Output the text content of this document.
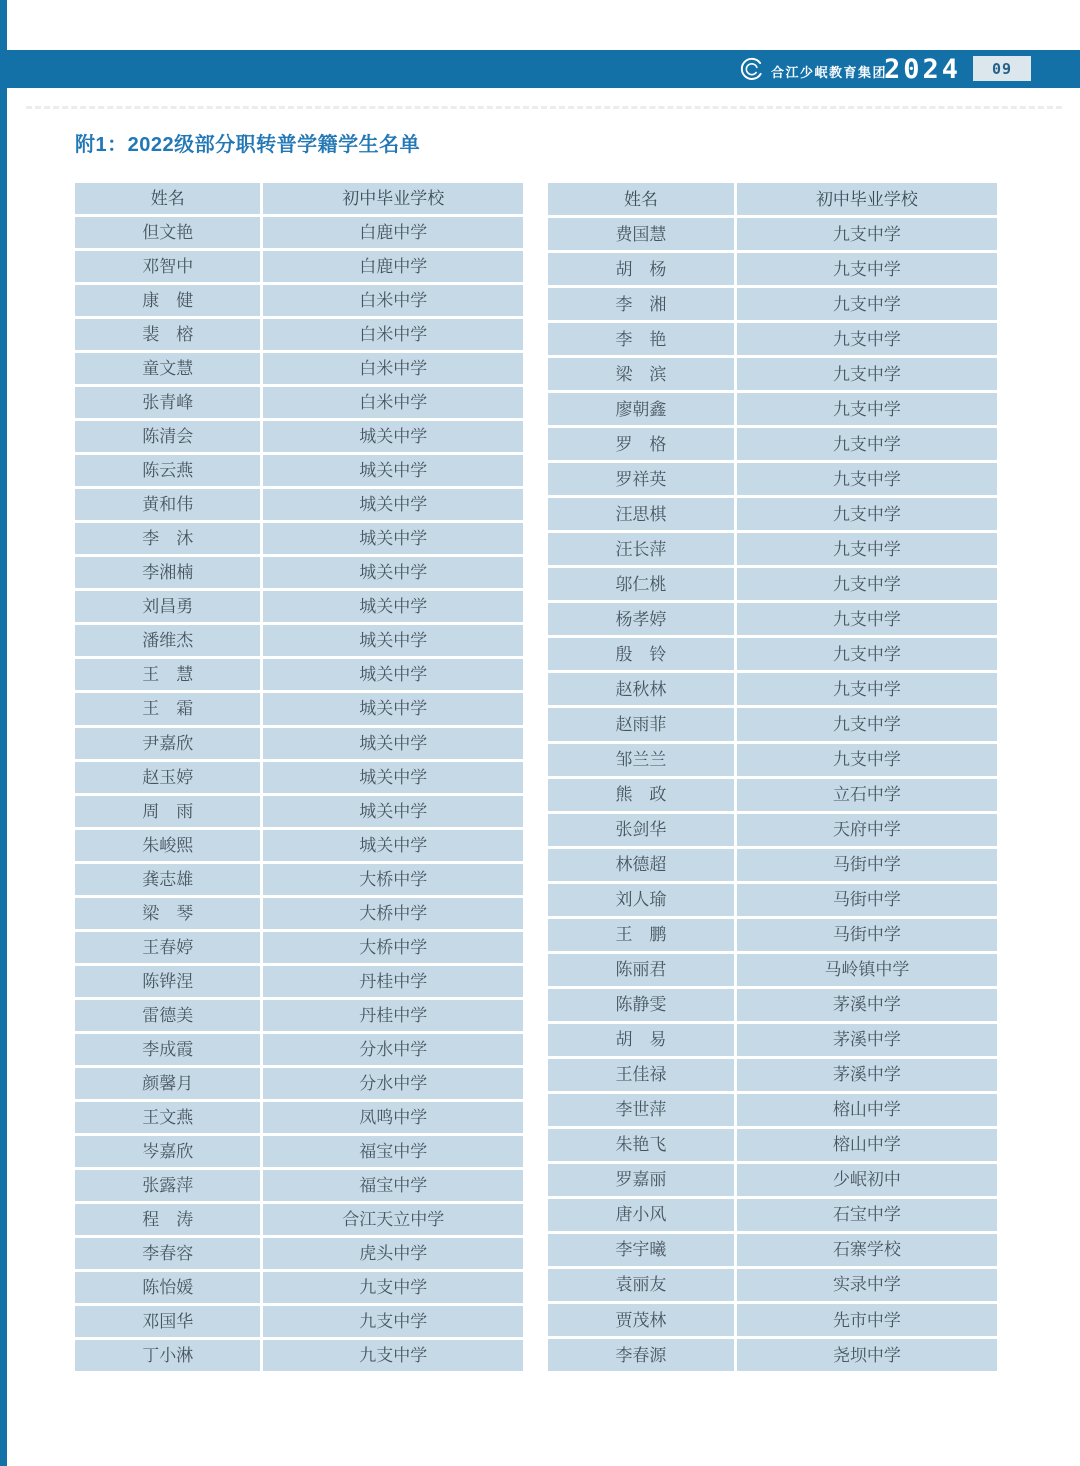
合江少岷教育集团
2024 09
附1：2022级部分职转普学籍学生名单
姓名	初中毕业学校
但文艳	白鹿中学
邓智中	白鹿中学
康　健	白米中学
裴　榕	白米中学
童文慧	白米中学
张青峰	白米中学
陈清会	城关中学
陈云燕	城关中学
黄和伟	城关中学
李　沐	城关中学
李湘楠	城关中学
刘昌勇	城关中学
潘维杰	城关中学
王　慧	城关中学
王　霜	城关中学
尹嘉欣	城关中学
赵玉婷	城关中学
周　雨	城关中学
朱峻熙	城关中学
龚志雄	大桥中学
梁　琴	大桥中学
王春婷	大桥中学
陈铧涅	丹桂中学
雷德美	丹桂中学
李成霞	分水中学
颜馨月	分水中学
王文燕	凤鸣中学
岑嘉欣	福宝中学
张露萍	福宝中学
程　涛	合江天立中学
李春容	虎头中学
陈怡媛	九支中学
邓国华	九支中学
丁小淋	九支中学
姓名	初中毕业学校
费国慧	九支中学
胡　杨	九支中学
李　湘	九支中学
李　艳	九支中学
梁　滨	九支中学
廖朝鑫	九支中学
罗　格	九支中学
罗祥英	九支中学
汪思棋	九支中学
汪长萍	九支中学
邬仁桃	九支中学
杨孝婷	九支中学
殷　铃	九支中学
赵秋林	九支中学
赵雨菲	九支中学
邹兰兰	九支中学
熊　政	立石中学
张剑华	天府中学
林德超	马街中学
刘人瑜	马街中学
王　鹏	马街中学
陈丽君	马岭镇中学
陈静雯	茅溪中学
胡　易	茅溪中学
王佳禄	茅溪中学
李世萍	榕山中学
朱艳飞	榕山中学
罗嘉丽	少岷初中
唐小风	石宝中学
李宇曦	石寨学校
袁丽友	实录中学
贾茂林	先市中学
李春源	尧坝中学
